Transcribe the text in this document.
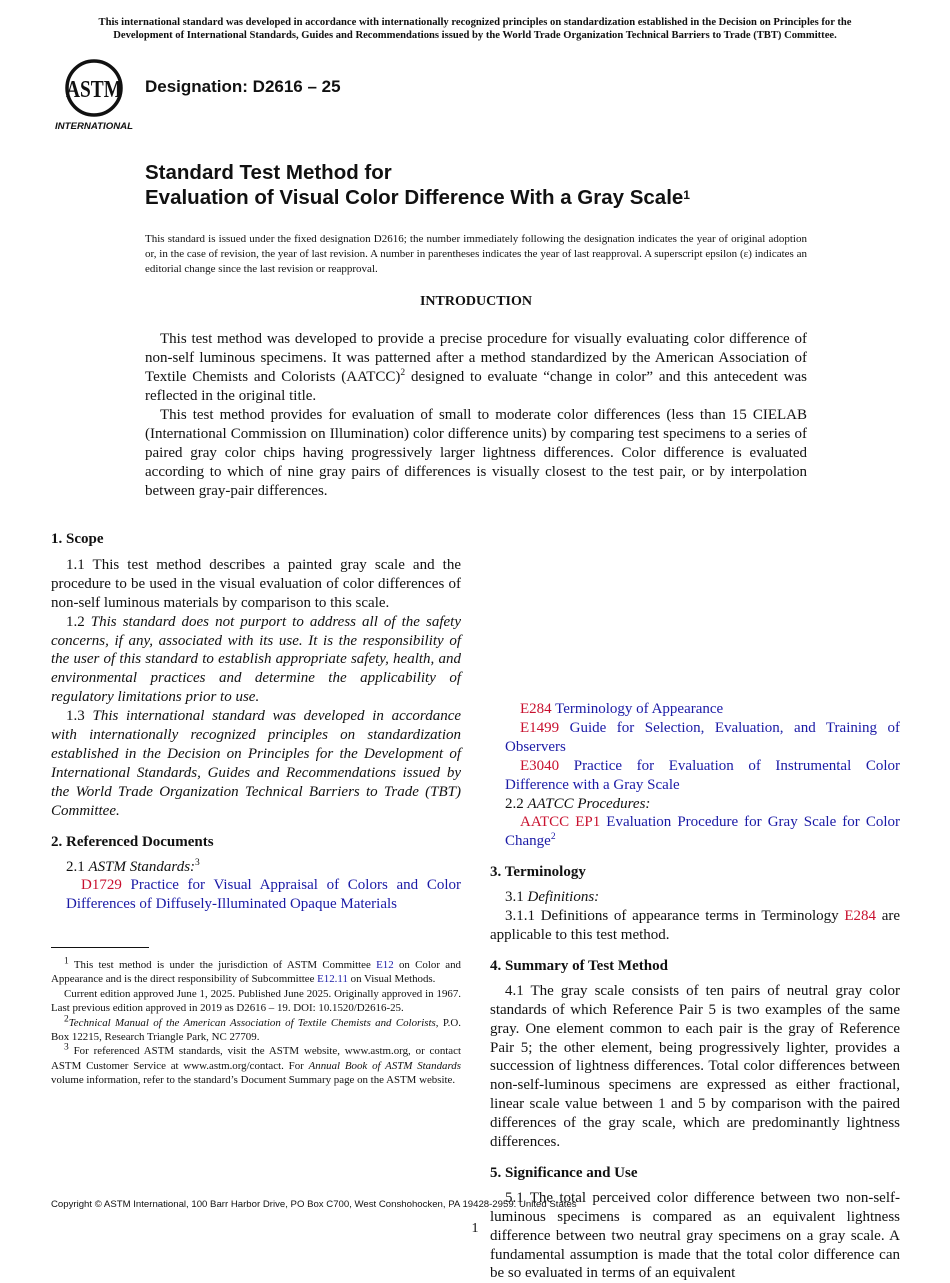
This international standard was developed in accordance with internationally recognized principles on standardization established in the Decision on Principles for the
Development of International Standards, Guides and Recommendations issued by the World Trade Organization Technical Barriers to Trade (TBT) Committee.
ASTM
INTERNATIONAL
Designation: D2616 – 25
Standard Test Method for
Evaluation of Visual Color Difference With a Gray Scale$^1$
This standard is issued under the fixed designation D2616; the number immediately following the designation indicates the year of original adoption or, in the case of revision, the year of last revision. A number in parentheses indicates the year of last reapproval. A superscript epsilon (ε) indicates an editorial change since the last revision or reapproval.
INTRODUCTION

This test method was developed to provide a precise procedure for visually evaluating color difference of non-self luminous specimens. It was patterned after a method standardized by the American Association of Textile Chemists and Colorists (AATCC)$^2$ designed to evaluate “change in color” and this antecedent was reflected in the original title.

This test method provides for evaluation of small to moderate color differences (less than 15 CIELAB (International Commission on Illumination) color difference units) by comparing test specimens to a series of paired gray color chips having progressively larger lightness differences. Color difference is evaluated according to which of nine gray pairs of differences is visually closest to the test pair, or by interpolation between gray-pair differences.

1. Scope

1.1 This test method describes a painted gray scale and the procedure to be used in the visual evaluation of color differences of non-self luminous materials by comparison to this scale.

1.2 This standard does not purport to address all of the safety concerns, if any, associated with its use. It is the responsibility of the user of this standard to establish appropriate safety, health, and environmental practices and determine the applicability of regulatory limitations prior to use.

1.3 This international standard was developed in accordance with internationally recognized principles on standardization established in the Decision on Principles for the Development of International Standards, Guides and Recommendations issued by the World Trade Organization Technical Barriers to Trade (TBT) Committee.

2. Referenced Documents

2.1 ASTM Standards:$^3$

D1729 Practice for Visual Appraisal of Colors and Color Differences of Diffusely-Illuminated Opaque Materials

E284 Terminology of Appearance

E1499 Guide for Selection, Evaluation, and Training of Observers

E3040 Practice for Evaluation of Instrumental Color Difference with a Gray Scale

2.2 AATCC Procedures:

AATCC EP1 Evaluation Procedure for Gray Scale for Color Change$^2$

3. Terminology

3.1 Definitions:

3.1.1 Definitions of appearance terms in Terminology E284 are applicable to this test method.

4. Summary of Test Method

4.1 The gray scale consists of ten pairs of neutral gray color standards of which Reference Pair 5 is two examples of the same gray. One element common to each pair is the gray of Reference Pair 5; the other element, being progressively lighter, provides a succession of lightness differences. Total color differences between non-self-luminous specimens are expressed as either fractional, linear scale value between 1 and 5 by comparison with the paired differences of the gray scale, which are predominantly lightness differences.

5. Significance and Use

5.1 The total perceived color difference between two non-self-luminous specimens is compared as an equivalent lightness difference between two neutral gray specimens on a gray scale. A fundamental assumption is made that the total color difference can be so evaluated in terms of an equivalent

$^1$ This test method is under the jurisdiction of ASTM Committee E12 on Color and Appearance and is the direct responsibility of Subcommittee E12.11 on Visual Methods.

Current edition approved June 1, 2025. Published June 2025. Originally approved in 1967. Last previous edition approved in 2019 as D2616 – 19. DOI: 10.1520/D2616-25.

$^2$Technical Manual of the American Association of Textile Chemists and Colorists, P.O. Box 12215, Research Triangle Park, NC 27709.

$^3$ For referenced ASTM standards, visit the ASTM website, www.astm.org, or contact ASTM Customer Service at www.astm.org/contact. For Annual Book of ASTM Standards volume information, refer to the standard’s Document Summary page on the ASTM website.

Copyright © ASTM International, 100 Barr Harbor Drive, PO Box C700, West Conshohocken, PA 19428-2959. United States
1
